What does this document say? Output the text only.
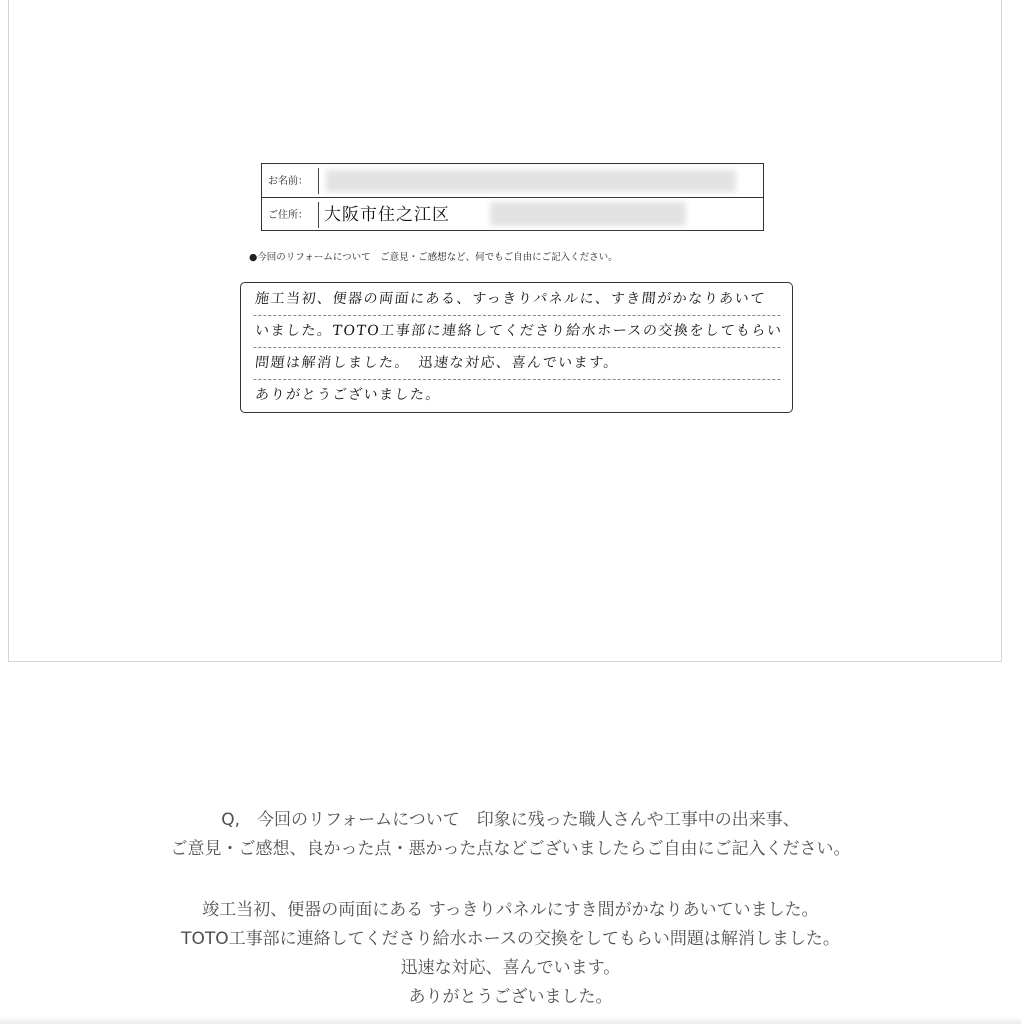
お名前：
ご住所： 大阪市住之江区
●今回のリフォームについて　ご意見・ご感想など、何でもご自由にご記入ください。
施工当初、便器の両面にある、すっきりパネルに、すき間がかなりあいて
いました。TOTO工事部に連絡してくださり給水ホースの交換をしてもらい
問題は解消しました。　迅速な対応、喜んでいます。
ありがとうございました。
Q,　今回のリフォームについて　印象に残った職人さんや工事中の出来事、
ご意見・ご感想、良かった点・悪かった点などございましたらご自由にご記入ください。
竣工当初、便器の両面にある すっきりパネルにすき間がかなりあいていました。
TOTO工事部に連絡してくださり給水ホースの交換をしてもらい問題は解消しました。
迅速な対応、喜んでいます。
ありがとうございました。
